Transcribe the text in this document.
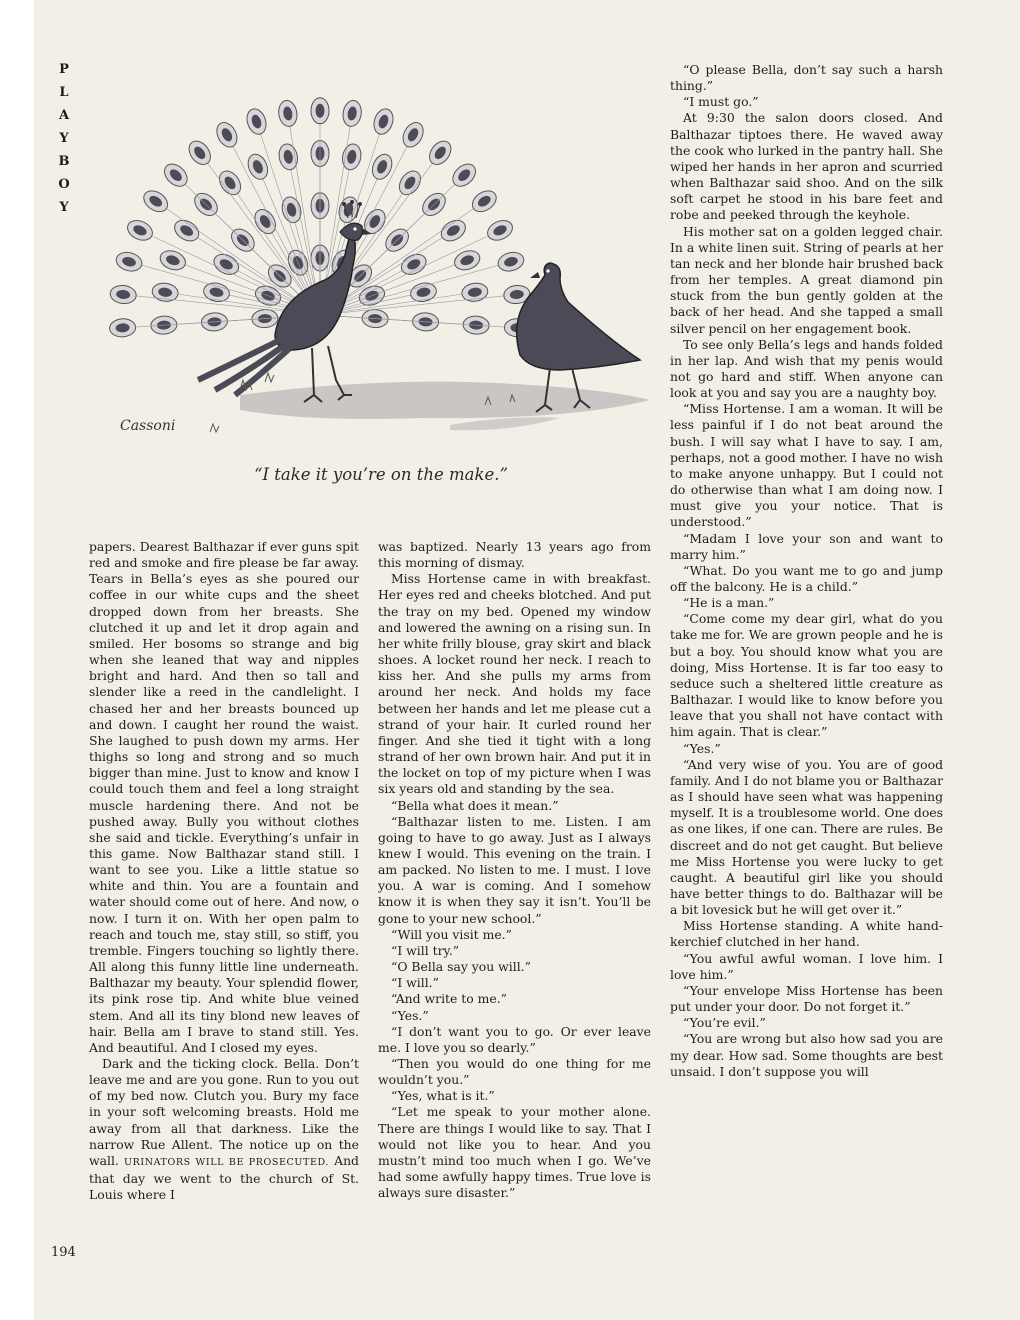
P
L
A
Y
B
O
Y
Cassoni
“I take it you’re on the make.”

papers. Dearest Balthazar if ever guns spit red and smoke and fire please be far away. Tears in Bella’s eyes as she poured our coffee in our white cups and the sheet dropped down from her breasts. She clutched it up and let it drop again and smiled. Her bosoms so strange and big when she leaned that way and nipples bright and hard. And then so tall and slender like a reed in the candlelight. I chased her and her breasts bounced up and down. I caught her round the waist. She laughed to push down my arms. Her thighs so long and strong and so much bigger than mine. Just to know and know I could touch them and feel a long straight muscle hardening there. And not be pushed away. Bully you without clothes she said and tickle. Everything’s unfair in this game. Now Balthazar stand still. I want to see you. Like a little statue so white and thin. You are a fountain and water should come out of here. And now, o now. I turn it on. With her open palm to reach and touch me, stay still, so stiff, you tremble. Fingers touching so lightly there. All along this funny little line underneath. Balthazar my beauty. Your splendid flower, its pink rose tip. And white blue veined stem. And all its tiny blond new leaves of hair. Bella am I brave to stand still. Yes. And beautiful. And I closed my eyes.

Dark and the ticking clock. Bella. Don’t leave me and are you gone. Run to you out of my bed now. Clutch you. Bury my face in your soft welcoming breasts. Hold me away from all that darkness. Like the narrow Rue Allent. The notice up on the wall. URINATORS WILL BE PROSECUTED. And that day we went to the church of St. Louis where I

was baptized. Nearly 13 years ago from this morning of dismay.

Miss Hortense came in with breakfast. Her eyes red and cheeks blotched. And put the tray on my bed. Opened my window and lowered the awning on a rising sun. In her white frilly blouse, gray skirt and black shoes. A locket round her neck. I reach to kiss her. And she pulls my arms from around her neck. And holds my face between her hands and let me please cut a strand of your hair. It curled round her finger. And she tied it tight with a long strand of her own brown hair. And put it in the locket on top of my picture when I was six years old and standing by the sea.

“Bella what does it mean.”

“Balthazar listen to me. Listen. I am going to have to go away. Just as I always knew I would. This evening on the train. I am packed. No listen to me. I must. I love you. A war is coming. And I somehow know it is when they say it isn’t. You’ll be gone to your new school.”

“Will you visit me.”

“I will try.”

“O Bella say you will.”

“I will.”

“And write to me.”

“Yes.”

“I don’t want you to go. Or ever leave me. I love you so dearly.”

“Then you would do one thing for me wouldn’t you.”

“Yes, what is it.”

“Let me speak to your mother alone. There are things I would like to say. That I would not like you to hear. And you mustn’t mind too much when I go. We’ve had some awfully happy times. True love is always sure disaster.”

“O please Bella, don’t say such a harsh thing.”

“I must go.”

At 9:30 the salon doors closed. And Balthazar tiptoes there. He waved away the cook who lurked in the pantry hall. She wiped her hands in her apron and scurried when Balthazar said shoo. And on the silk soft carpet he stood in his bare feet and robe and peeked through the keyhole.

His mother sat on a golden legged chair. In a white linen suit. String of pearls at her tan neck and her blonde hair brushed back from her temples. A great diamond pin stuck from the bun gently golden at the back of her head. And she tapped a small silver pencil on her engagement book.

To see only Bella’s legs and hands folded in her lap. And wish that my penis would not go hard and stiff. When anyone can look at you and say you are a naughty boy.

“Miss Hortense. I am a woman. It will be less painful if I do not beat around the bush. I will say what I have to say. I am, perhaps, not a good mother. I have no wish to make anyone unhappy. But I could not do otherwise than what I am doing now. I must give you your notice. That is understood.”

“Madam I love your son and want to marry him.”

“What. Do you want me to go and jump off the balcony. He is a child.”

“He is a man.”

“Come come my dear girl, what do you take me for. We are grown people and he is but a boy. You should know what you are doing, Miss Hortense. It is far too easy to seduce such a sheltered little creature as Balthazar. I would like to know before you leave that you shall not have contact with him again. That is clear.”

“Yes.”

“And very wise of you. You are of good family. And I do not blame you or Balthazar as I should have seen what was happening myself. It is a troublesome world. One does as one likes, if one can. There are rules. Be discreet and do not get caught. But believe me Miss Hortense you were lucky to get caught. A beautiful girl like you should have better things to do. Balthazar will be a bit lovesick but he will get over it.”

Miss Hortense standing. A white handkerchief clutched in her hand.

“You awful awful woman. I love him. I love him.”

“Your envelope Miss Hortense has been put under your door. Do not forget it.”

“You’re evil.”

“You are wrong but also how sad you are my dear. How sad. Some thoughts are best unsaid. I don’t suppose you will

194
